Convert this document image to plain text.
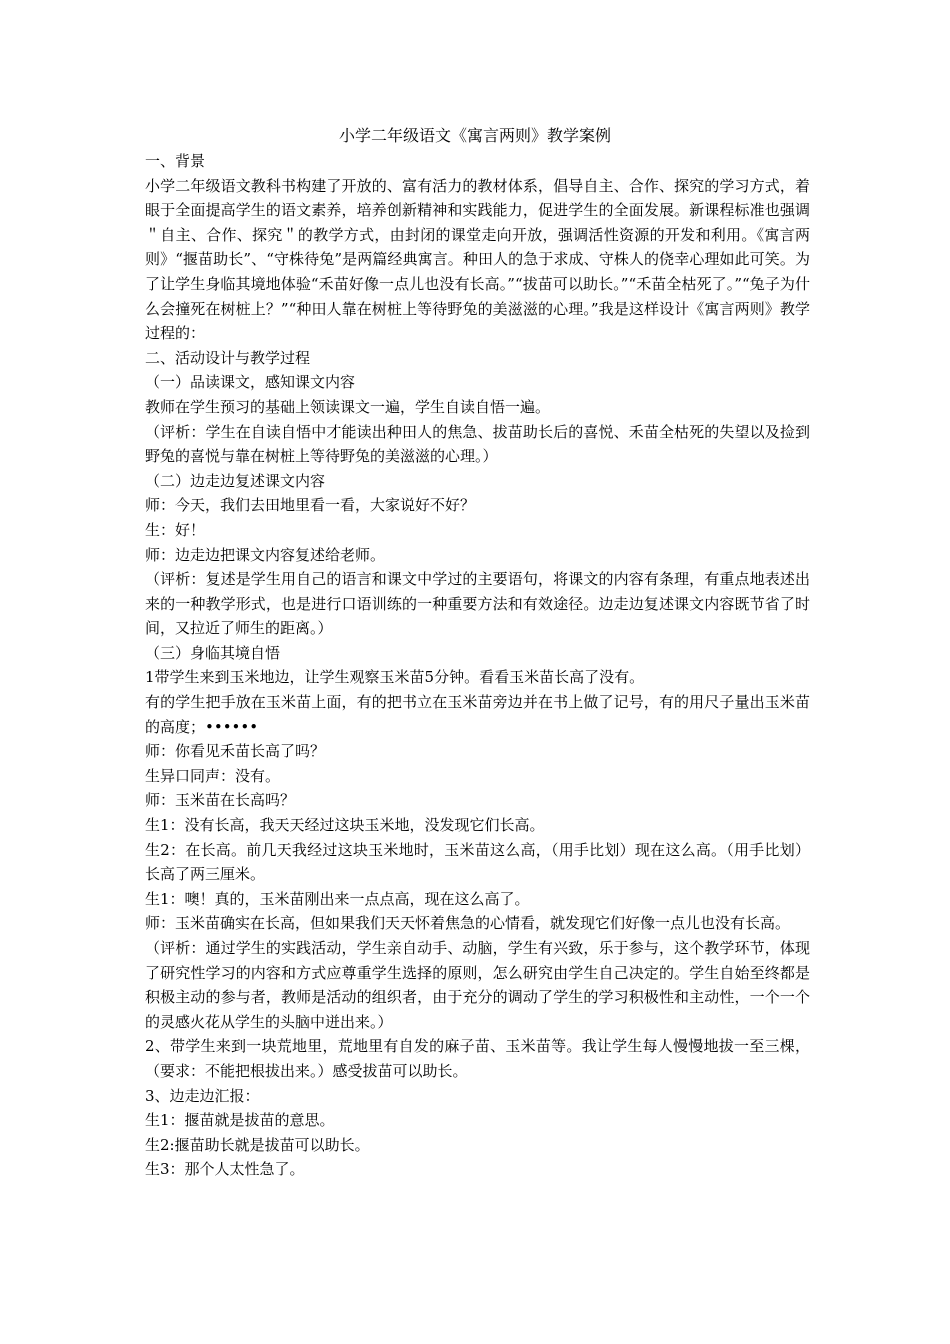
小学二年级语文《寓言两则》教学案例

一、背景

小学二年级语文教科书构建了开放的、富有活力的教材体系，倡导自主、合作、探究的学习方式，着眼于全面提高学生的语文素养，培养创新精神和实践能力，促进学生的全面发展。新课程标准也强调＂自主、合作、探究＂的教学方式，由封闭的课堂走向开放，强调活性资源的开发和利用。《寓言两则》“揠苗助长”、“守株待兔”是两篇经典寓言。种田人的急于求成、守株人的侥幸心理如此可笑。为了让学生身临其境地体验“禾苗好像一点儿也没有长高。”“拔苗可以助长。”“禾苗全枯死了。”“兔子为什么会撞死在树桩上？”“种田人靠在树桩上等待野兔的美滋滋的心理。”我是这样设计《寓言两则》教学过程的：

二、活动设计与教学过程

（一）品读课文，感知课文内容

教师在学生预习的基础上领读课文一遍，学生自读自悟一遍。

（评析：学生在自读自悟中才能读出种田人的焦急、拔苗助长后的喜悦、禾苗全枯死的失望以及捡到野兔的喜悦与靠在树桩上等待野兔的美滋滋的心理。）

（二）边走边复述课文内容

师：今天，我们去田地里看一看，大家说好不好？

生：好！

师：边走边把课文内容复述给老师。

（评析：复述是学生用自己的语言和课文中学过的主要语句，将课文的内容有条理，有重点地表述出来的一种教学形式，也是进行口语训练的一种重要方法和有效途径。边走边复述课文内容既节省了时间，又拉近了师生的距离。）

（三）身临其境自悟

1带学生来到玉米地边，让学生观察玉米苗5分钟。看看玉米苗长高了没有。

有的学生把手放在玉米苗上面，有的把书立在玉米苗旁边并在书上做了记号，有的用尺子量出玉米苗的高度；••••••

师：你看见禾苗长高了吗？

生异口同声：没有。

师：玉米苗在长高吗？

生1：没有长高，我天天经过这块玉米地，没发现它们长高。

生2：在长高。前几天我经过这块玉米地时，玉米苗这么高，（用手比划）现在这么高。（用手比划）长高了两三厘米。

生1：噢！真的，玉米苗刚出来一点点高，现在这么高了。

师：玉米苗确实在长高，但如果我们天天怀着焦急的心情看，就发现它们好像一点儿也没有长高。

（评析：通过学生的实践活动，学生亲自动手、动脑，学生有兴致，乐于参与，这个教学环节，体现了研究性学习的内容和方式应尊重学生选择的原则，怎么研究由学生自己决定的。学生自始至终都是积极主动的参与者，教师是活动的组织者，由于充分的调动了学生的学习积极性和主动性，一个一个的灵感火花从学生的头脑中迸出来。）

2、带学生来到一块荒地里，荒地里有自发的麻子苗、玉米苗等。我让学生每人慢慢地拔一至三棵，（要求：不能把根拔出来。）感受拔苗可以助长。

3、边走边汇报：

生1：揠苗就是拔苗的意思。

生2:揠苗助长就是拔苗可以助长。

生3：那个人太性急了。
